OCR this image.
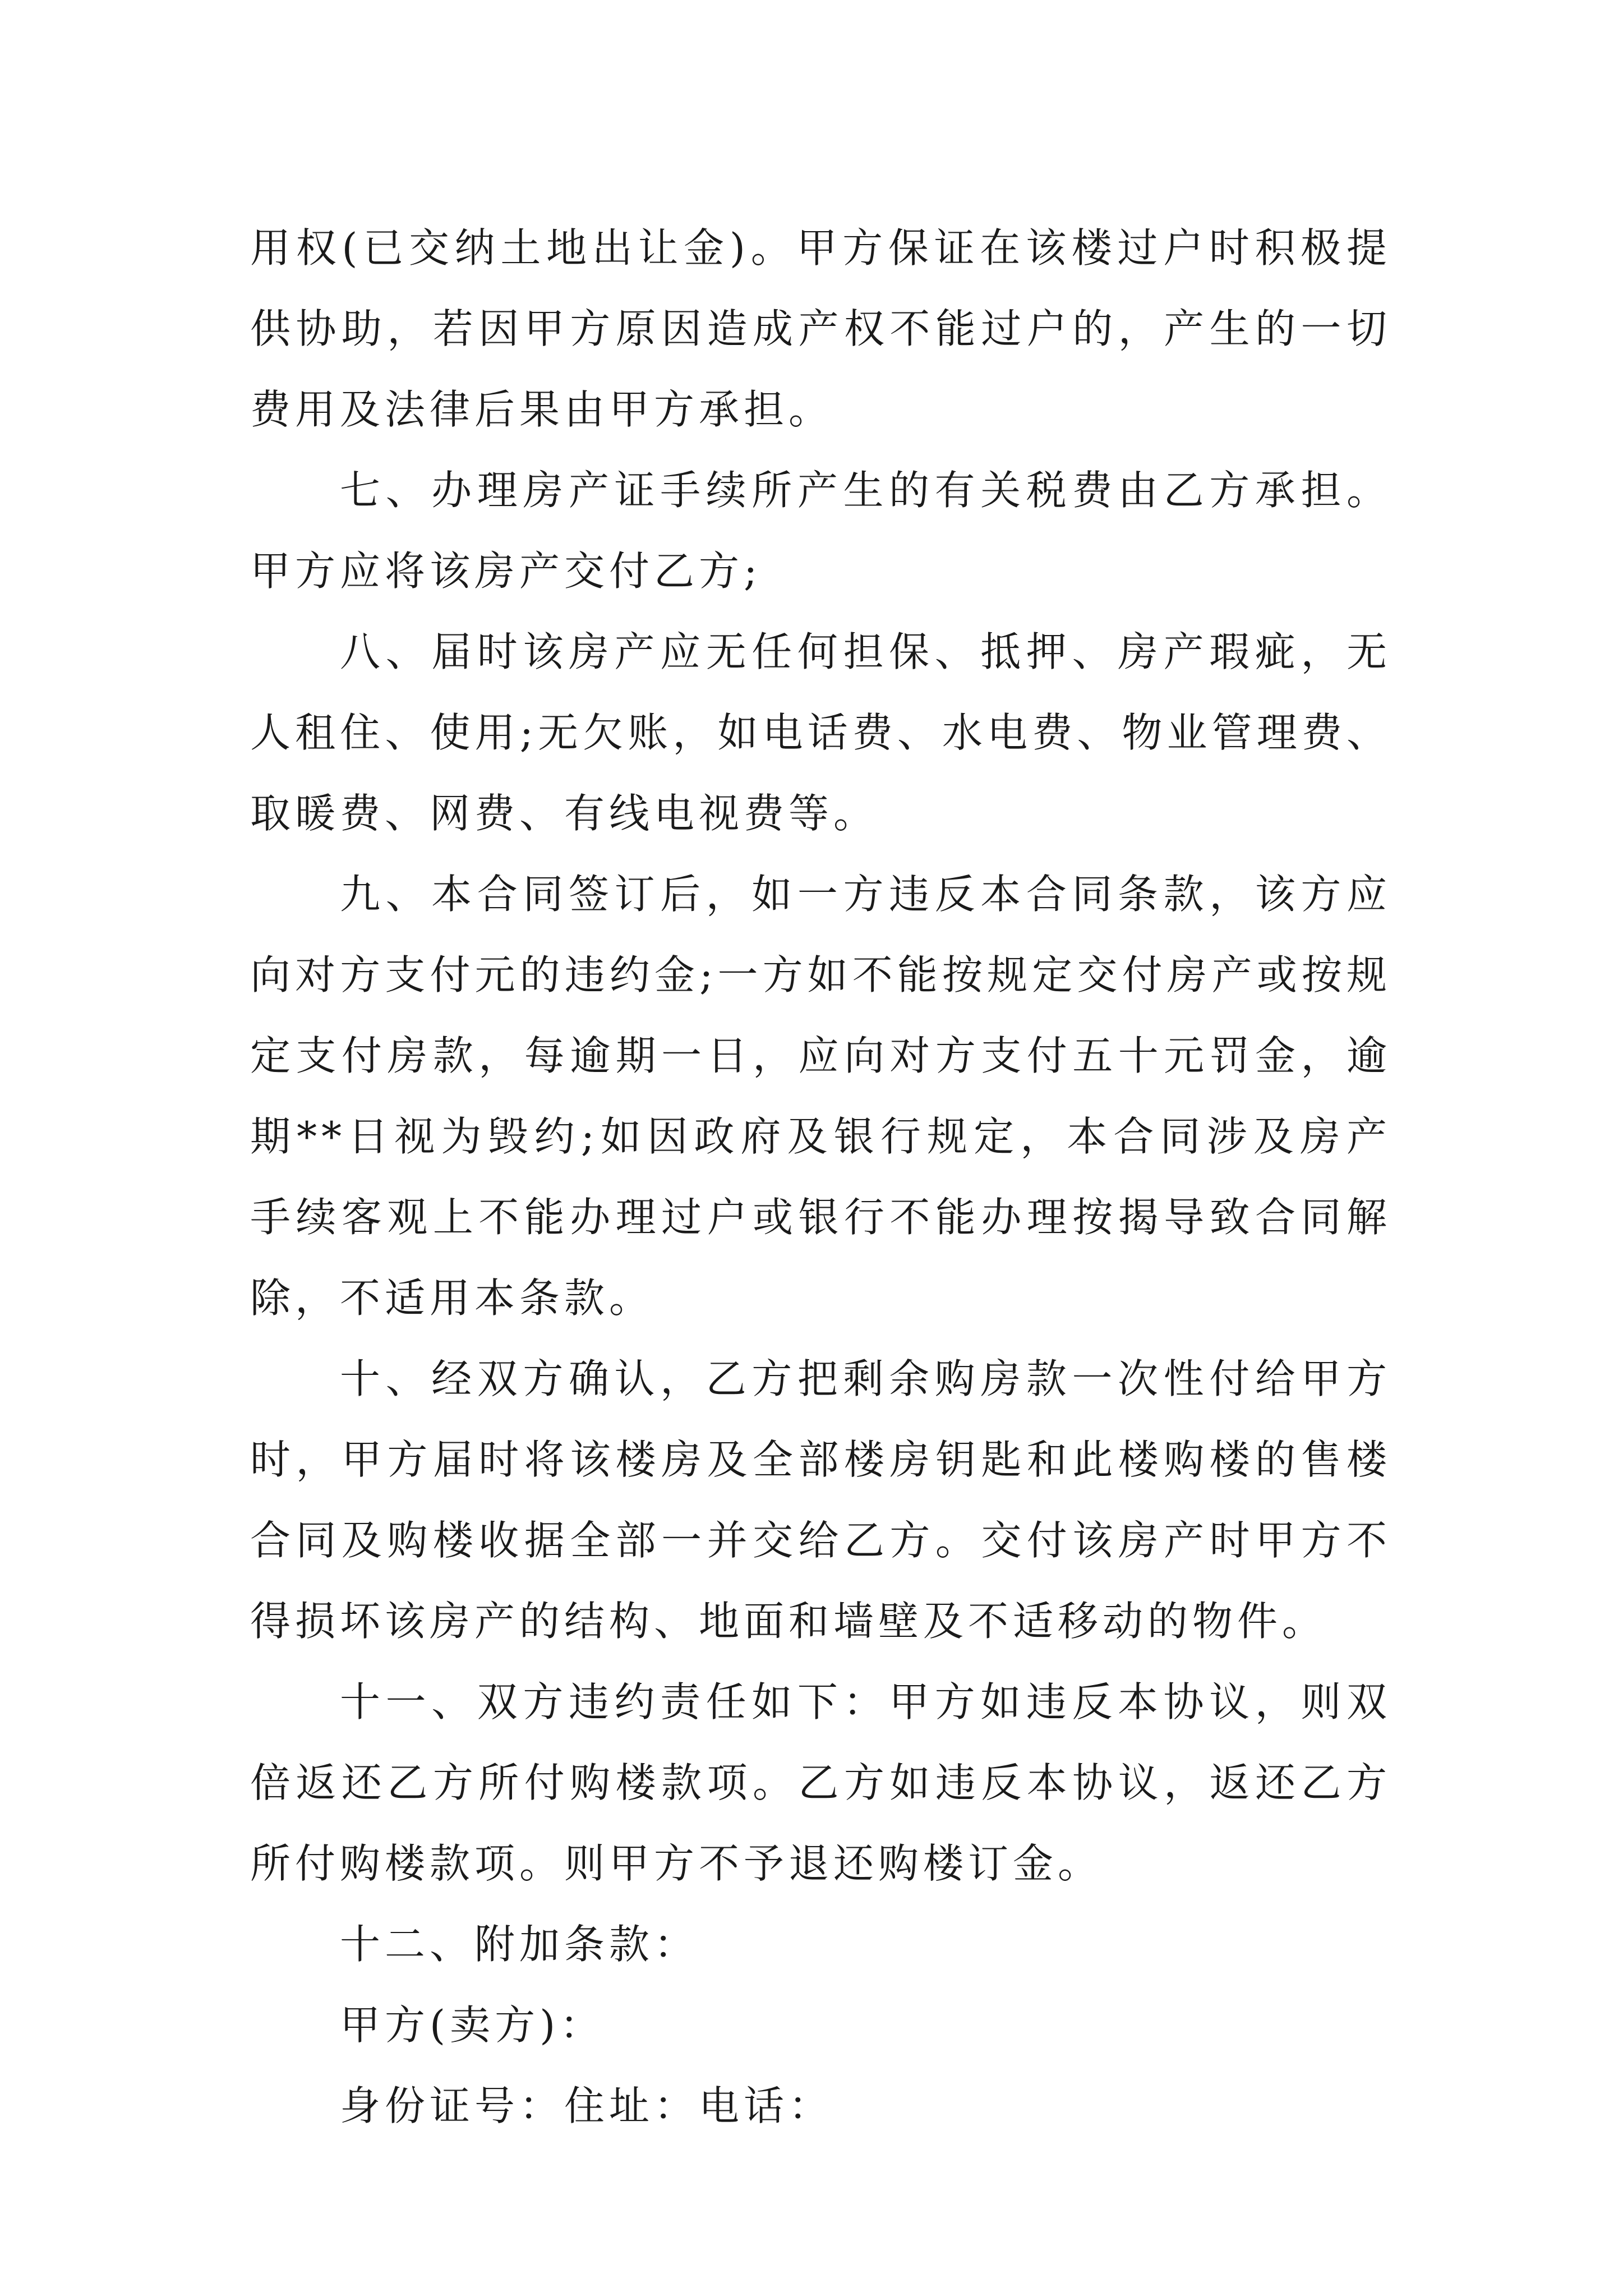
用权(已交纳土地出让金)。甲方保证在该楼过户时积极提供协助，若因甲方原因造成产权不能过户的，产生的一切费用及法律后果由甲方承担。

七、办理房产证手续所产生的有关税费由乙方承担。甲方应将该房产交付乙方;

八、届时该房产应无任何担保、抵押、房产瑕疵，无人租住、使用;无欠账，如电话费、水电费、物业管理费、取暖费、网费、有线电视费等。

九、本合同签订后，如一方违反本合同条款，该方应向对方支付元的违约金;一方如不能按规定交付房产或按规定支付房款，每逾期一日，应向对方支付五十元罚金，逾期**日视为毁约;如因政府及银行规定，本合同涉及房产手续客观上不能办理过户或银行不能办理按揭导致合同解除，不适用本条款。

十、经双方确认，乙方把剩余购房款一次性付给甲方时，甲方届时将该楼房及全部楼房钥匙和此楼购楼的售楼合同及购楼收据全部一并交给乙方。交付该房产时甲方不得损坏该房产的结构、地面和墙壁及不适移动的物件。

十一、双方违约责任如下：甲方如违反本协议，则双倍返还乙方所付购楼款项。乙方如违反本协议，返还乙方所付购楼款项。则甲方不予退还购楼订金。

十二、附加条款：

甲方(卖方)：

身份证号：住址：电话：
